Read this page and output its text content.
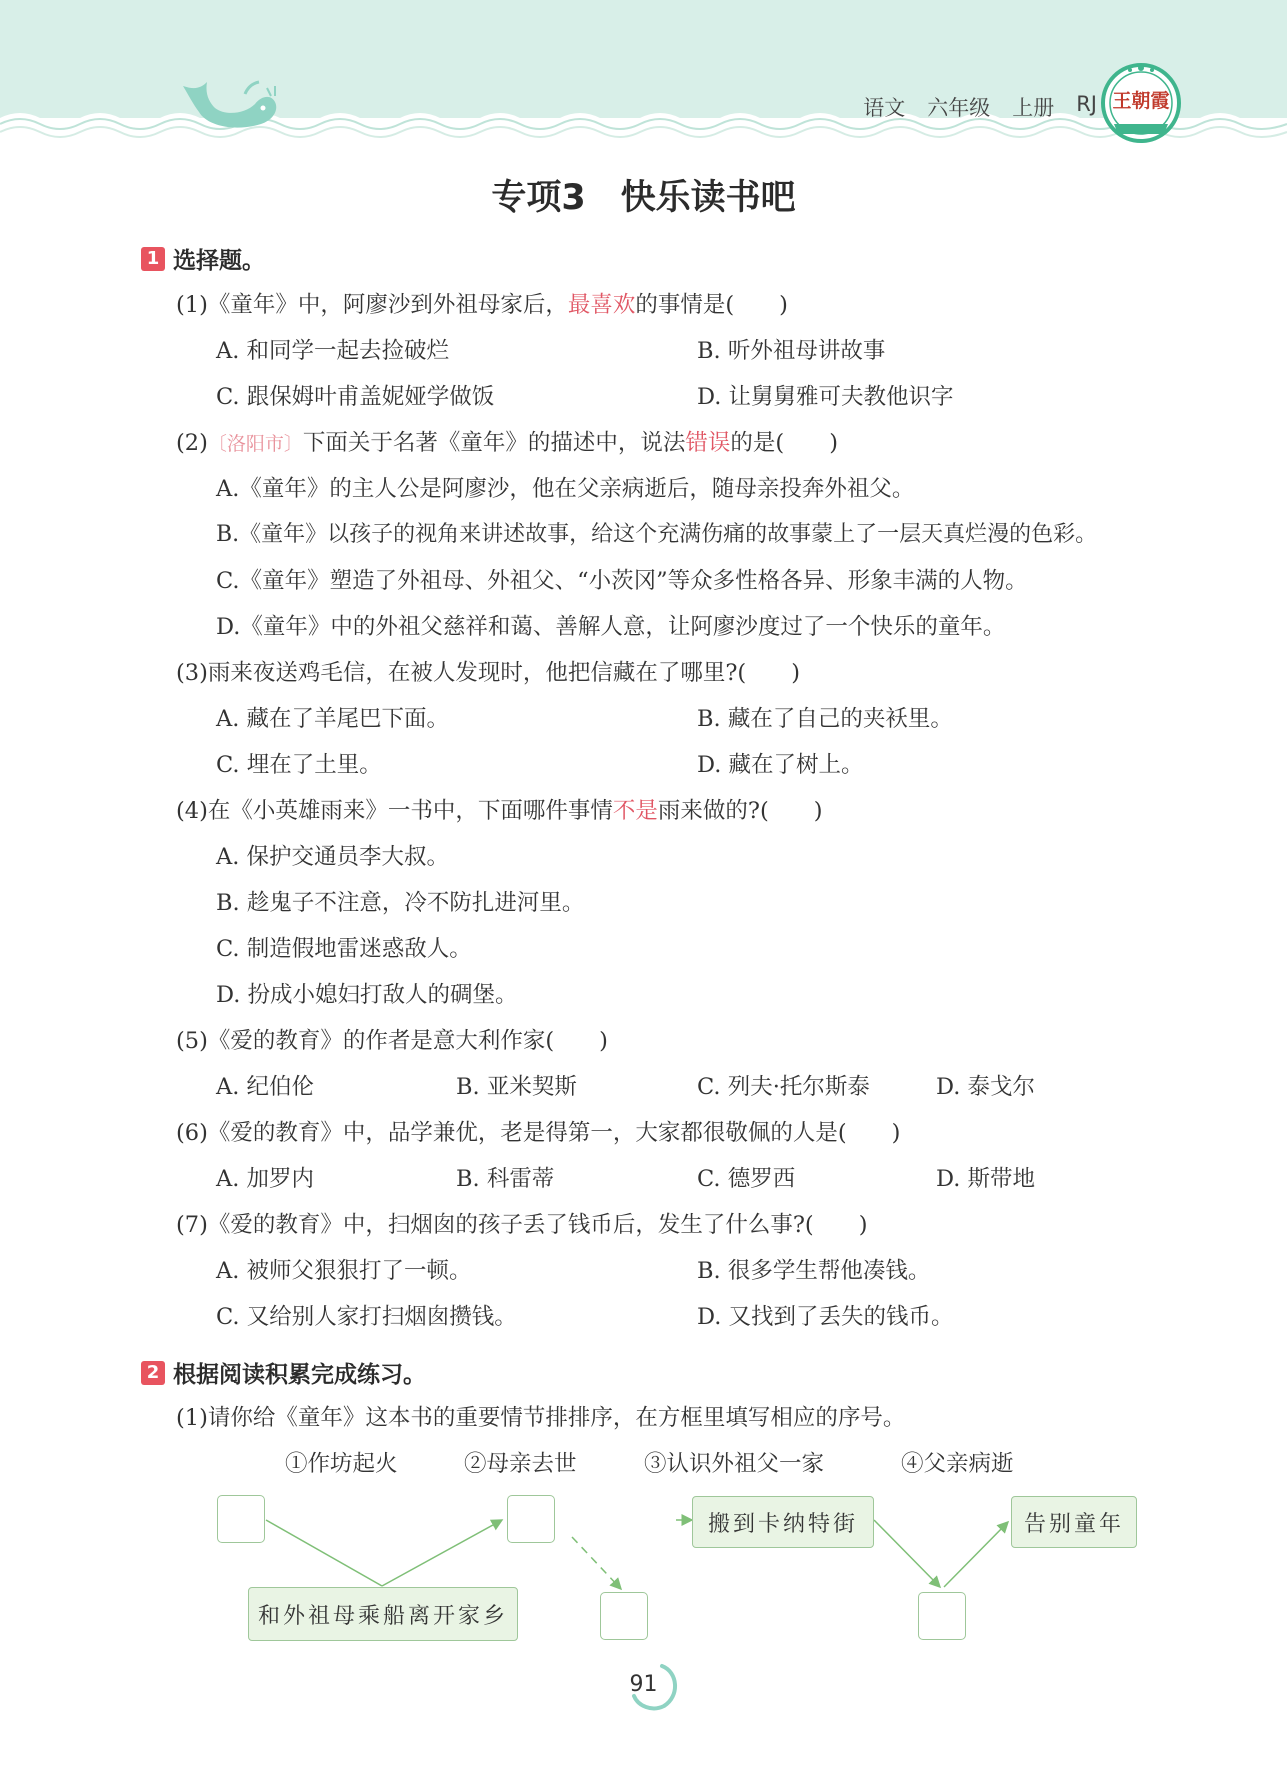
语文 六年级 上册 RJ 王朝霞
专项3　快乐读书吧
1 选择题。
(1)《童年》中，阿廖沙到外祖母家后，最喜欢的事情是(　　)
A. 和同学一起去捡破烂	B. 听外祖母讲故事
C. 跟保姆叶甫盖妮娅学做饭	D. 让舅舅雅可夫教他识字
(2)〔洛阳市〕下面关于名著《童年》的描述中，说法错误的是(　　)
A.《童年》的主人公是阿廖沙，他在父亲病逝后，随母亲投奔外祖父。
B.《童年》以孩子的视角来讲述故事，给这个充满伤痛的故事蒙上了一层天真烂漫的色彩。
C.《童年》塑造了外祖母、外祖父、“小茨冈”等众多性格各异、形象丰满的人物。
D.《童年》中的外祖父慈祥和蔼、善解人意，让阿廖沙度过了一个快乐的童年。
(3)雨来夜送鸡毛信，在被人发现时，他把信藏在了哪里?(　　)
A. 藏在了羊尾巴下面。	B. 藏在了自己的夹袄里。
C. 埋在了土里。	D. 藏在了树上。
(4)在《小英雄雨来》一书中，下面哪件事情不是雨来做的?(　　)
A. 保护交通员李大叔。
B. 趁鬼子不注意，冷不防扎进河里。
C. 制造假地雷迷惑敌人。
D. 扮成小媳妇打敌人的碉堡。
(5)《爱的教育》的作者是意大利作家(　　)
A. 纪伯伦	B. 亚米契斯	C. 列夫·托尔斯泰	D. 泰戈尔
(6)《爱的教育》中，品学兼优，老是得第一，大家都很敬佩的人是(　　)
A. 加罗内	B. 科雷蒂	C. 德罗西	D. 斯带地
(7)《爱的教育》中，扫烟囱的孩子丢了钱币后，发生了什么事?(　　)
A. 被师父狠狠打了一顿。	B. 很多学生帮他凑钱。
C. 又给别人家打扫烟囱攒钱。	D. 又找到了丢失的钱币。
2 根据阅读积累完成练习。
(1)请你给《童年》这本书的重要情节排排序，在方框里填写相应的序号。
①作坊起火	②母亲去世	③认识外祖父一家	④父亲病逝
和外祖母乘船离开家乡
搬到卡纳特街	告别童年
91
